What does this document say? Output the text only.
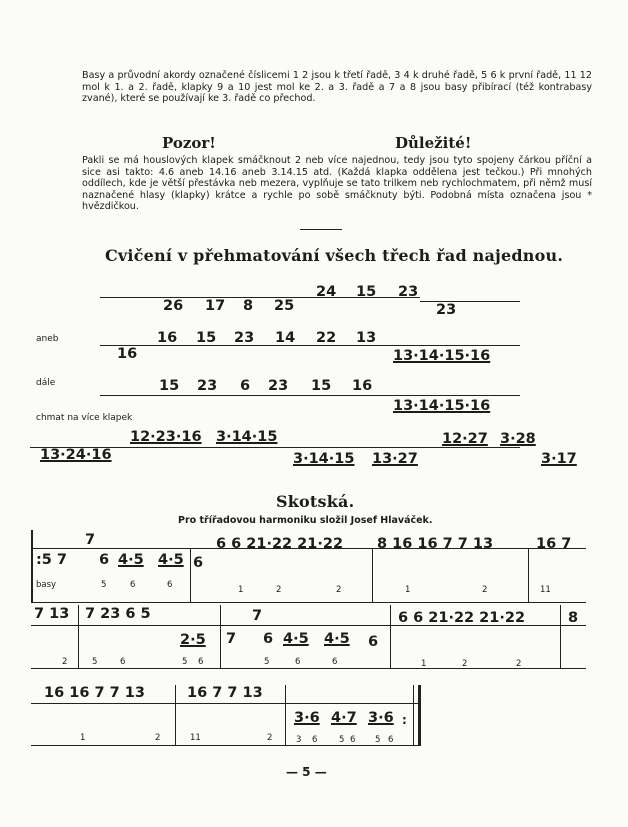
Basy a průvodní akordy označené číslicemi 1 2 jsou k třetí řadě, 3 4 k druhé řadě, 5 6 k první řadě, 11 12 mol k 1. a 2. řadě, klapky 9 a 10 jest mol ke 2. a 3. řadě a 7 a 8 jsou basy přibírací (též kontrabasy zvané), které se používají ke 3. řadě co přechod.
Pozor!	Důležité!
Pakli se má houslových klapek smáčknout 2 neb více najednou, tedy jsou tyto spojeny čárkou příční a sice asi takto: 4.6 aneb 14.16 aneb 3.14.15 atd. (Každá klapka oddělena jest tečkou.) Při mnohých oddílech, kde je větší přestávka neb mezera, vyplňuje se tato trilkem neb rychlochmatem, při němž musí naznačené hlasy (klapky) krátce a rychle po sobě smáčknuty býti. Podobná místa označena jsou * hvězdičkou.
Cvičení v přehmatování všech třech řad najednou.
24 15 23
26 17 8 25	23
aneb	16 15 23 14 22 13
16	13·14·15·16
dále	15 23 6 23 15 16
13·14·15·16
chmat na více klapek
12·23·16 3·14·15	12·27 3·28
13·24·16	3·14·15 13·27	3·17
Skotská.
Pro třířadovou harmoniku složil Josef Hlaváček.
7
:5 7 6 4·5 4·5 6
6 6 21·22 21·22 8 16 16 7 7 13	16 7
basy	5	6	6	1	2	2	1	2	11
7 13 7 23 6 5
2·5
7
7 6 4·5 4·5 6
6 6 21·22 21·22	8
2	5	6	5 6	5	6	6	1	2	2
:
16 16 7 7 13	16 7 7 13
3·6 4·7 3·6
1	2	11	2	3 6	5 6 5 6
— 5 —
